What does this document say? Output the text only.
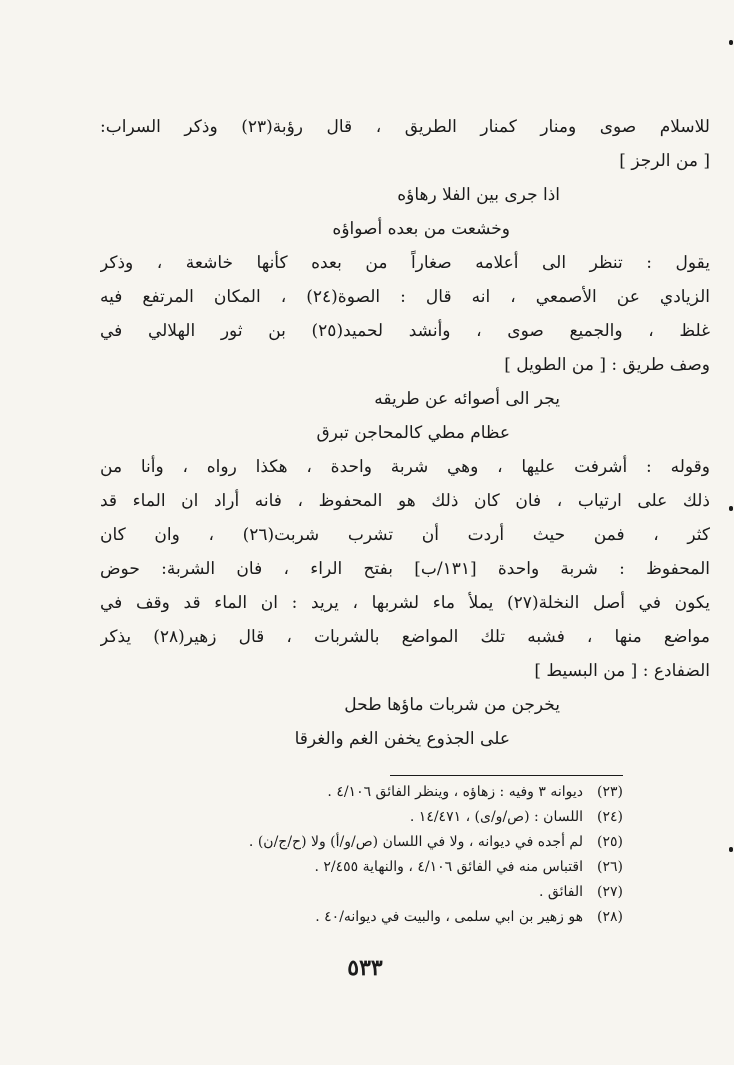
للاسلام صوى ومنار كمنار الطريق ، قال رؤبة(٢٣) وذكر السراب:
[ من الرجز ]
اذا جرى بين الفلا رهاؤه
وخشعت من بعده أصواؤه
يقول : تنظر الى أعلامه صغاراً من بعده كأنها خاشعة ، وذكر
الزيادي عن الأصمعي ، انه قال : الصوة(٢٤) ، المكان المرتفع فيه
غلظ ، والجميع صوى ، وأنشد لحميد(٢٥) بن ثور الهلالي في
وصف طريق : [ من الطويل ]
يجر الى أصوائه عن طريقه
عظام مطي كالمحاجن تبرق
وقوله : أشرفت عليها ، وهي شربة واحدة ، هكذا رواه ، وأنا من
ذلك على ارتياب ، فان كان ذلك هو المحفوظ ، فانه أراد ان الماء قد
كثر ، فمن حيث أردت أن تشرب شربت(٢٦) ، وان كان
المحفوظ : شربة واحدة [١٣١/ب] بفتح الراء ، فان الشربة: حوض
يكون في أصل النخلة(٢٧) يملأ ماء لشربها ، يريد : ان الماء قد وقف في
مواضع منها ، فشبه تلك المواضع بالشربات ، قال زهير(٢٨) يذكر
الضفادع : [ من البسيط ]
يخرجن من شربات ماؤها طحل
على الجذوع يخفن الغم والغرقا
(٢٣)
ديوانه ٣ وفيه : زهاؤه ، وينظر الفائق ٤/١٠٦ .
(٢٤)
اللسان : (ص/و/ى) ، ١٤/٤٧١ .
(٢٥)
لم أجده في ديوانه ، ولا في اللسان (ص/و/أ) ولا (ح/ج/ن) .
(٢٦)
اقتباس منه في الفائق ٤/١٠٦ ، والنهاية ٢/٤٥٥ .
(٢٧)
الفائق .
(٢٨)
هو زهير بن ابي سلمى ، والبيت في ديوانه/٤٠ .
٥٣٣
